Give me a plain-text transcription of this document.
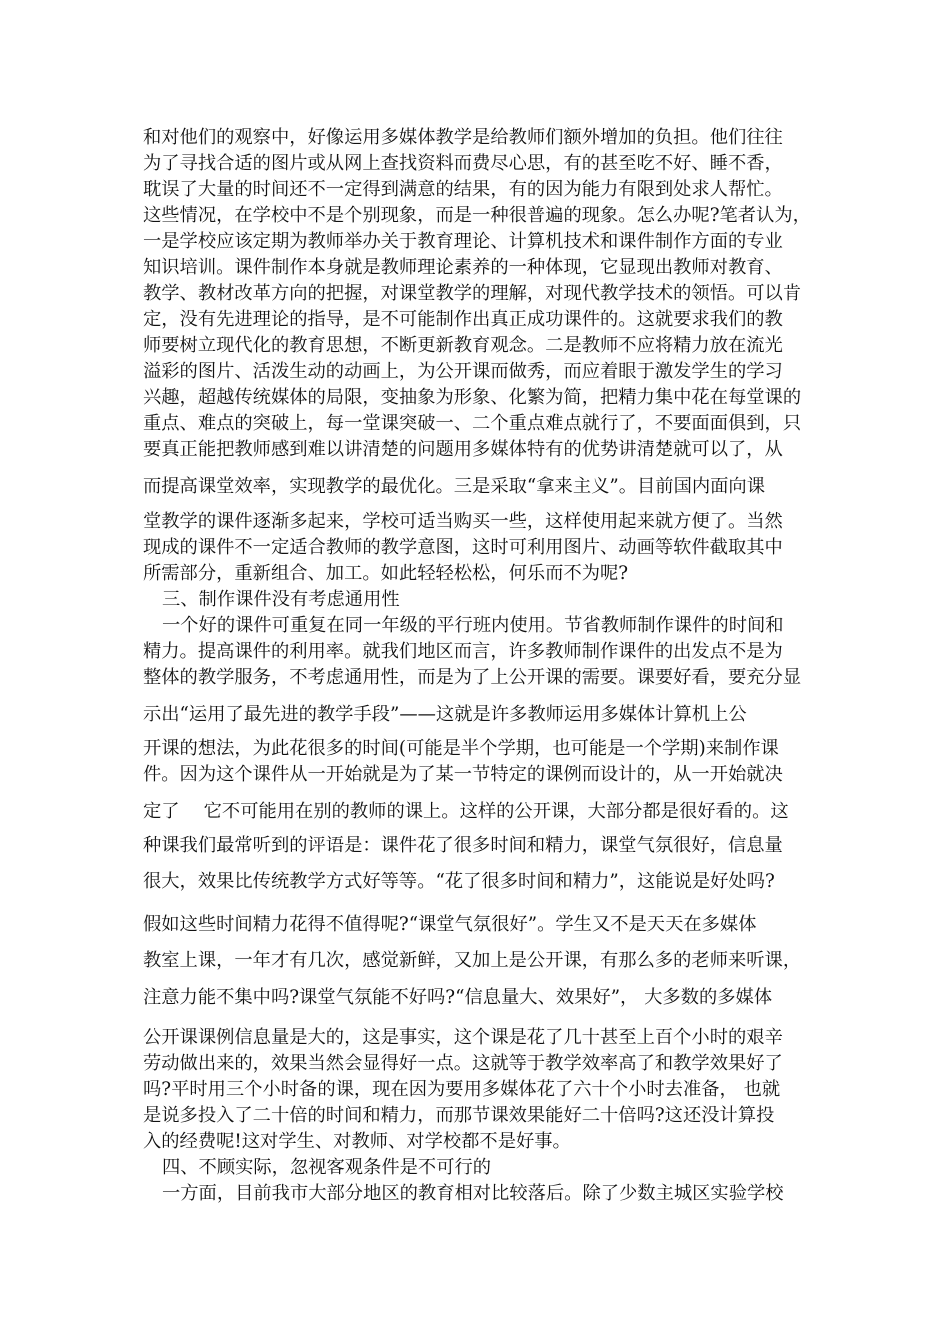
和对他们的观察中，好像运用多媒体教学是给教师们额外增加的负担。他们往往
为了寻找合适的图片或从网上查找资料而费尽心思，有的甚至吃不好、睡不香，
耽误了大量的时间还不一定得到满意的结果，有的因为能力有限到处求人帮忙。
这些情况，在学校中不是个别现象，而是一种很普遍的现象。怎么办呢?笔者认为，
一是学校应该定期为教师举办关于教育理论、计算机技术和课件制作方面的专业
知识培训。课件制作本身就是教师理论素养的一种体现，它显现出教师对教育、
教学、教材改革方向的把握，对课堂教学的理解，对现代教学技术的领悟。可以肯
定，没有先进理论的指导，是不可能制作出真正成功课件的。这就要求我们的教
师要树立现代化的教育思想，不断更新教育观念。二是教师不应将精力放在流光
溢彩的图片、活泼生动的动画上，为公开课而做秀，而应着眼于激发学生的学习
兴趣，超越传统媒体的局限，变抽象为形象、化繁为简，把精力集中花在每堂课的
重点、难点的突破上，每一堂课突破一、二个重点难点就行了，不要面面俱到，只
要真正能把教师感到难以讲清楚的问题用多媒体特有的优势讲清楚就可以了，从
而提高课堂效率，实现教学的最优化。三是采取“拿来主义”。目前国内面向课
堂教学的课件逐渐多起来，学校可适当购买一些，这样使用起来就方便了。当然
现成的课件不一定适合教师的教学意图，这时可利用图片、动画等软件截取其中
所需部分，重新组合、加工。如此轻轻松松，何乐而不为呢?
三、制作课件没有考虑通用性
一个好的课件可重复在同一年级的平行班内使用。节省教师制作课件的时间和
精力。提高课件的利用率。就我们地区而言，许多教师制作课件的出发点不是为
整体的教学服务，不考虑通用性，而是为了上公开课的需要。课要好看，要充分显
示出“运用了最先进的教学手段”——这就是许多教师运用多媒体计算机上公
开课的想法，为此花很多的时间(可能是半个学期，也可能是一个学期)来制作课
件。因为这个课件从一开始就是为了某一节特定的课例而设计的，从一开始就决
定了　 它不可能用在别的教师的课上。这样的公开课，大部分都是很好看的。这
种课我们最常听到的评语是：课件花了很多时间和精力，课堂气氛很好，信息量
很大，效果比传统教学方式好等等。“花了很多时间和精力”，这能说是好处吗?
假如这些时间精力花得不值得呢?“课堂气氛很好”。学生又不是天天在多媒体
教室上课，一年才有几次，感觉新鲜，又加上是公开课，有那么多的老师来听课，
注意力能不集中吗?课堂气氛能不好吗?“信息量大、效果好”， 大多数的多媒体
公开课课例信息量是大的，这是事实，这个课是花了几十甚至上百个小时的艰辛
劳动做出来的，效果当然会显得好一点。这就等于教学效率高了和教学效果好了
吗?平时用三个小时备的课，现在因为要用多媒体花了六十个小时去准备， 也就
是说多投入了二十倍的时间和精力，而那节课效果能好二十倍吗?这还没计算投
入的经费呢!这对学生、对教师、对学校都不是好事。
四、不顾实际，忽视客观条件是不可行的
一方面，目前我市大部分地区的教育相对比较落后。除了少数主城区实验学校
